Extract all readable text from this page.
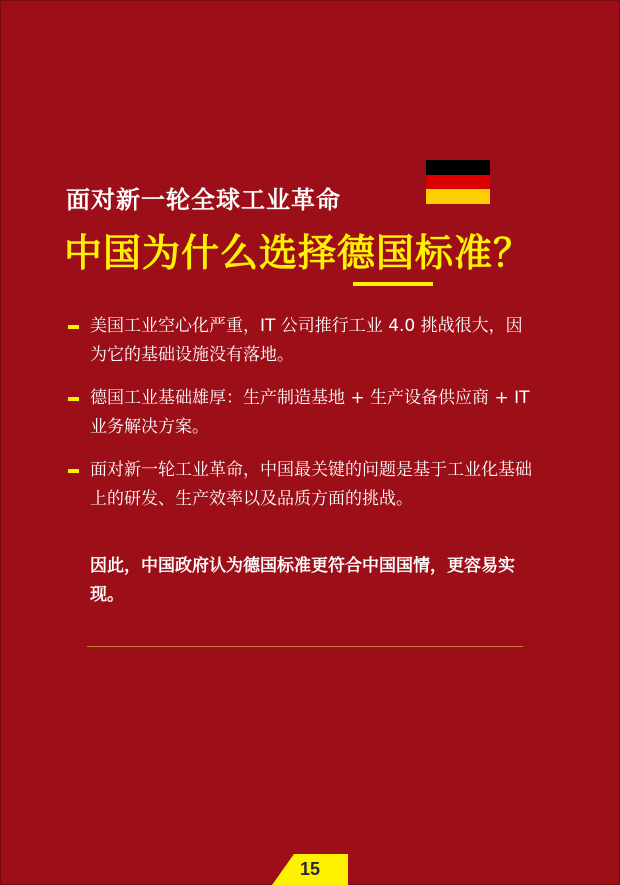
面对新一轮全球工业革命
中国为什么选择德国标准？
美国工业空心化严重，IT 公司推行工业 4.0 挑战很大，因为它的基础设施没有落地。
德国工业基础雄厚：生产制造基地 + 生产设备供应商 + IT 业务解决方案。
面对新一轮工业革命，中国最关键的问题是基于工业化基础上的研发、生产效率以及品质方面的挑战。

因此，中国政府认为德国标准更符合中国国情，更容易实现。

15
